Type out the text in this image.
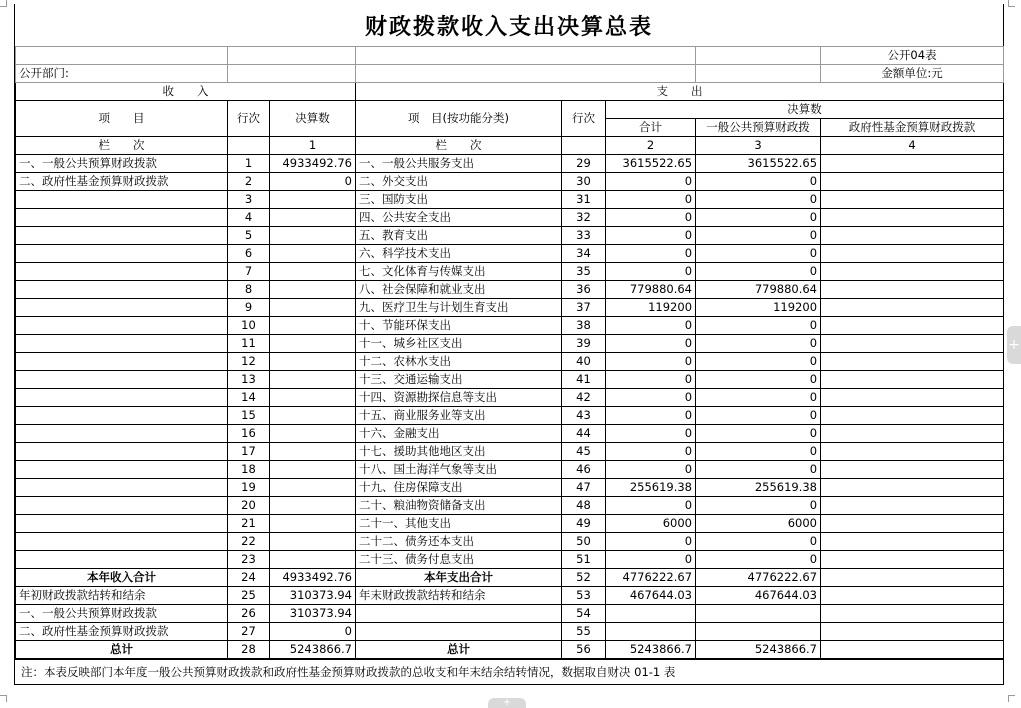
财政拨款收入支出决算总表
							公开04表
公开部门:							金额单位:元
收　　入			支　　出				
项　　目	行次	决算数	项　目(按功能分类)	行次	决算数		
					合计	一般公共预算财政拨	政府性基金预算财政拨款
栏　　次		1	栏　　次		2	3	4
一、一般公共预算财政拨款	1	4933492.76	一、一般公共服务支出	29	3615522.65	3615522.65	
二、政府性基金预算财政拨款	2	0	二、外交支出	30	0	0	
	3		三、国防支出	31	0	0	
	4		四、公共安全支出	32	0	0	
	5		五、教育支出	33	0	0	
	6		六、科学技术支出	34	0	0	
	7		七、文化体育与传媒支出	35	0	0	
	8		八、社会保障和就业支出	36	779880.64	779880.64	
	9		九、医疗卫生与计划生育支出	37	119200	119200	
	10		十、节能环保支出	38	0	0	
	11		十一、城乡社区支出	39	0	0	
	12		十二、农林水支出	40	0	0	
	13		十三、交通运输支出	41	0	0	
	14		十四、资源勘探信息等支出	42	0	0	
	15		十五、商业服务业等支出	43	0	0	
	16		十六、金融支出	44	0	0	
	17		十七、援助其他地区支出	45	0	0	
	18		十八、国土海洋气象等支出	46	0	0	
	19		十九、住房保障支出	47	255619.38	255619.38	
	20		二十、粮油物资储备支出	48	0	0	
	21		二十一、其他支出	49	6000	6000	
	22		二十二、债务还本支出	50	0	0	
	23		二十三、债务付息支出	51	0	0	
本年收入合计	24	4933492.76	本年支出合计	52	4776222.67	4776222.67	
年初财政拨款结转和结余	25	310373.94	年末财政拨款结转和结余	53	467644.03	467644.03	
一、一般公共预算财政拨款	26	310373.94		54			
二、政府性基金预算财政拨款	27	0		55			
总计	28	5243866.7	总计	56	5243866.7	5243866.7	
注：本表反映部门本年度一般公共预算财政拨款和政府性基金预算财政拨款的总收支和年末结余结转情况，数据取自财决 01-1 表
+
+
